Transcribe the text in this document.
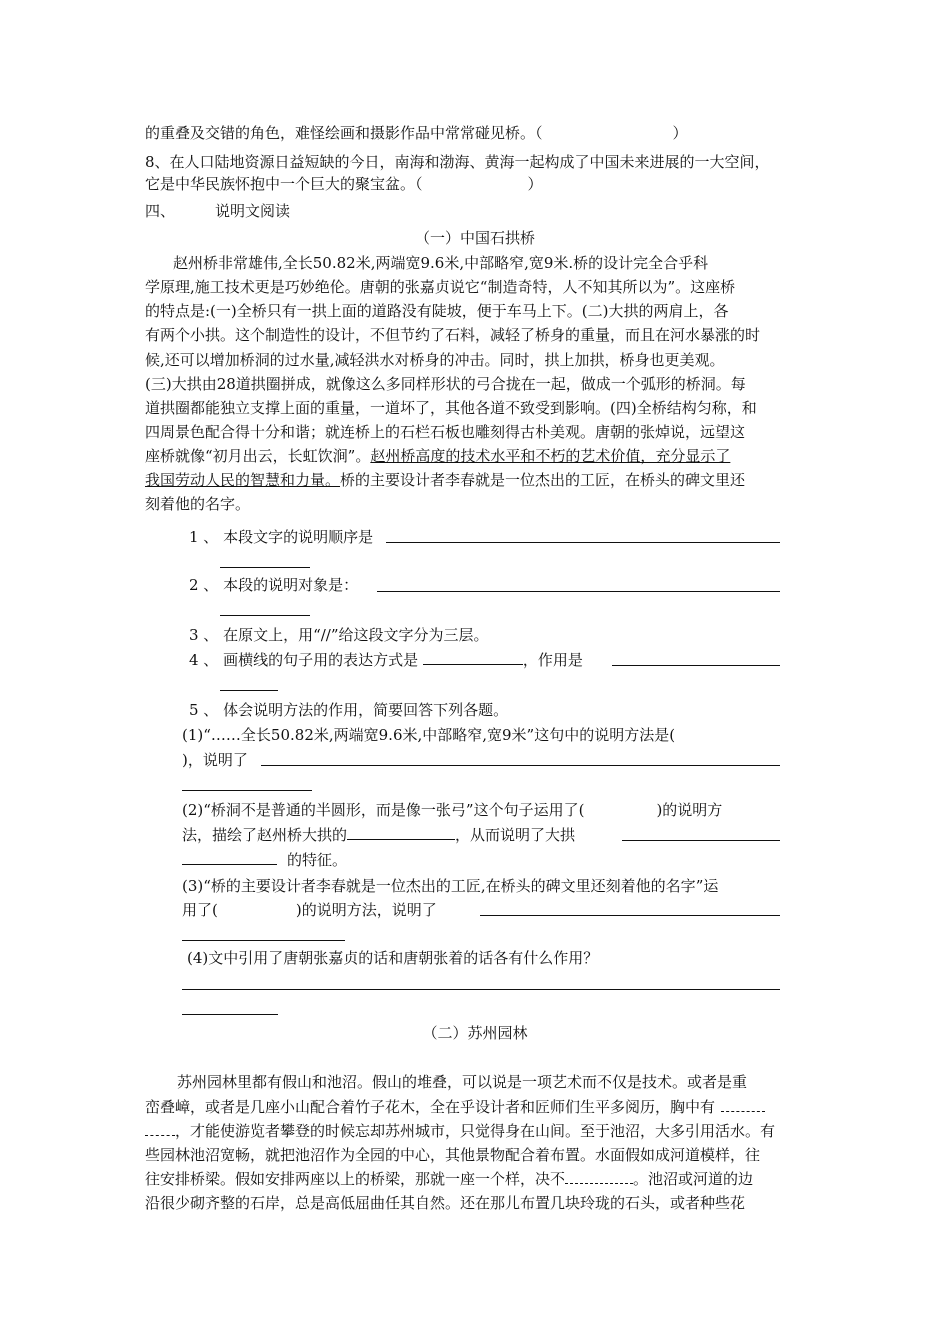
的重叠及交错的角色，难怪绘画和摄影作品中常常碰见桥。（	）
8、在人口陆地资源日益短缺的今日，南海和渤海、黄海一起构成了中国未来进展的一大空间，
它是中华民族怀抱中一个巨大的聚宝盆。（	）
四、	说明文阅读
（一）中国石拱桥
赵州桥非常雄伟,全长50.82米,两端宽9.6米,中部略窄,宽9米.桥的设计完全合乎科
学原理,施工技术更是巧妙绝伦。唐朝的张嘉贞说它“制造奇特，人不知其所以为”。这座桥
的特点是:(一)全桥只有一拱上面的道路没有陡坡，便于车马上下。(二)大拱的两肩上，各
有两个小拱。这个制造性的设计，不但节约了石料，减轻了桥身的重量，而且在河水暴涨的时
候,还可以增加桥洞的过水量,减轻洪水对桥身的冲击。同时，拱上加拱，桥身也更美观。
(三)大拱由28道拱圈拼成，就像这么多同样形状的弓合拢在一起，做成一个弧形的桥洞。每
道拱圈都能独立支撑上面的重量，一道坏了，其他各道不致受到影响。(四)全桥结构匀称，和
四周景色配合得十分和谐；就连桥上的石栏石板也雕刻得古朴美观。唐朝的张焯说，远望这
座桥就像“初月出云，长虹饮涧”。赵州桥高度的技术水平和不朽的艺术价值，充分显示了
我国劳动人民的智慧和力量。桥的主要设计者李春就是一位杰出的工匠，在桥头的碑文里还
刻着他的名字。
1 、 本段文字的说明顺序是
2 、 本段的说明对象是：
3 、 在原文上，用“//”给这段文字分为三层。
4 、 画横线的句子用的表达方式是	，作用是
5 、 体会说明方法的作用，简要回答下列各题。
(1)“……全长50.82米,两端宽9.6米,中部略窄,宽9米”这句中的说明方法是(
)，说明了
(2)“桥洞不是普通的半圆形，而是像一张弓”这个句子运用了(	)的说明方
法，描绘了赵州桥大拱的	，从而说明了大拱
的特征。
(3)“桥的主要设计者李春就是一位杰出的工匠,在桥头的碑文里还刻着他的名字”运
用了(	)的说明方法，说明了
(4)文中引用了唐朝张嘉贞的话和唐朝张着的话各有什么作用？
（二）苏州园林
苏州园林里都有假山和池沼。假山的堆叠，可以说是一项艺术而不仅是技术。或者是重
峦叠嶂，或者是几座小山配合着竹子花木，全在乎设计者和匠师们生平多阅历，胸中有
，才能使游览者攀登的时候忘却苏州城市，只觉得身在山间。至于池沼，大多引用活水。有
些园林池沼宽畅，就把池沼作为全园的中心，其他景物配合着布置。水面假如成河道模样，往
往安排桥梁。假如安排两座以上的桥梁，那就一座一个样，决不	。池沼或河道的边
沿很少砌齐整的石岸，总是高低屈曲任其自然。还在那儿布置几块玲珑的石头，或者种些花
